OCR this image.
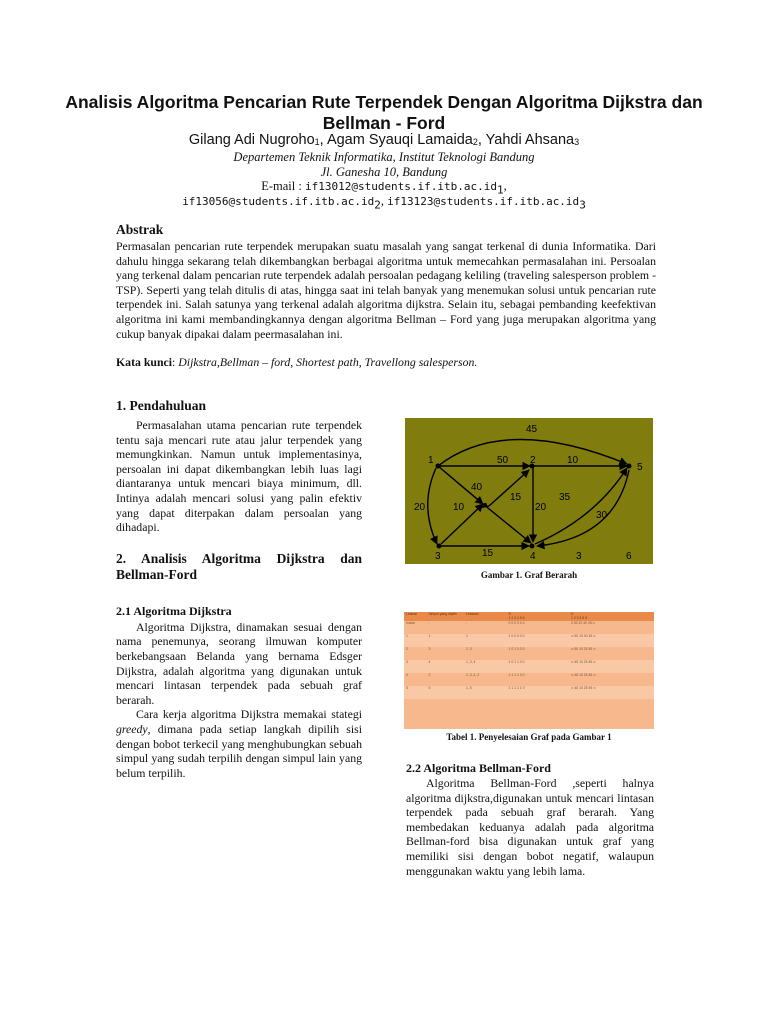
Analisis Algoritma Pencarian Rute Terpendek Dengan Algoritma Dijkstra dan Bellman - Ford
Gilang Adi Nugroho$_1$, Agam Syauqi Lamaida$_2$, Yahdi Ahsana$_3$
Departemen Teknik Informatika, Institut Teknologi Bandung
Jl. Ganesha 10, Bandung
E-mail : $if13012@students.if.itb.ac.id_1$,
$if13056@students.if.itb.ac.id_2$, $if13123@students.if.itb.ac.id_3$
Abstrak

Permasalan pencarian rute terpendek merupakan suatu masalah yang sangat terkenal di dunia Informatika. Dari dahulu hingga sekarang telah dikembangkan berbagai algoritma untuk memecahkan permasalahan ini. Persoalan yang terkenal dalam pencarian rute terpendek adalah persoalan pedagang keliling (traveling salesperson problem - TSP). Seperti yang telah ditulis di atas, hingga saat ini telah banyak yang menemukan solusi untuk pencarian rute terpendek ini. Salah satunya yang terkenal adalah algoritma dijkstra. Selain itu, sebagai pembanding keefektivan algoritma ini kami membandingkannya dengan algoritma Bellman – Ford yang juga merupakan algoritma yang cukup banyak dipakai dalam peermasalahan ini.

Kata kunci: Dijkstra,Bellman – ford, Shortest path, Travellong salesperson.

1. Pendahuluan

Permasalahan utama pencarian rute terpendek tentu saja mencari rute atau jalur terpendek yang memungkinkan. Namun untuk implementasinya, persoalan ini dapat dikembangkan lebih luas lagi diantaranya untuk mencari biaya minimum, dll. Intinya adalah mencari solusi yang palin efektiv yang dapat diterpakan dalam persoalan yang dihadapi.

2. Analisis Algoritma Dijkstra dan Bellman-Ford
2.1 Algoritma Dijkstra

Algoritma Dijkstra, dinamakan sesuai dengan nama penemunya, seorang ilmuwan komputer berkebangsaan Belanda yang bernama Edsger Dijkstra, adalah algoritma yang digunakan untuk mencari lintasan terpendek pada sebuah graf berarah.

Cara kerja algoritma Dijkstra memakai stategi greedy, dimana pada setiap langkah dipilih sisi dengan bobot terkecil yang menghubungkan sebuah simpul yang sudah terpilih dengan simpul lain yang belum terpilih.

1	2
5
3	4	3	6
45
50	10
40
15	35
20	10	20
30
15
Gambar 1. Graf Berarah
Lelaran	Simpul yang dipilih	Lintasan	S
1 2 3 4 5 6	D
1 2 3 4 5 6
Inisial	-	-	0 0 0 0 0 0	0 50 10 40 45 ∞
1	1	1	1 0 0 0 0 0	∞ 50 10 40 45 ∞
2	3	1, 3	1 0 1 0 0 0	∞ 50 10 25 45 ∞
3	4	1, 3, 4	1 0 1 1 0 0	∞ 45 10 25 45 ∞
4	2	1, 3, 4, 2	1 1 1 1 0 0	∞ 45 10 25 45 ∞
5	5	1, 5	1 1 1 1 1 0	∞ 45 10 25 45 ∞
Tabel 1. Penyelesaian Graf pada Gambar 1
2.2 Algoritma Bellman-Ford

Algoritma Bellman-Ford ,seperti halnya algoritma dijkstra,digunakan untuk mencari lintasan terpendek pada sebuah graf berarah. Yang membedakan keduanya adalah pada algoritma Bellman-ford bisa digunakan untuk graf yang memiliki sisi dengan bobot negatif, walaupun menggunakan waktu yang lebih lama.
